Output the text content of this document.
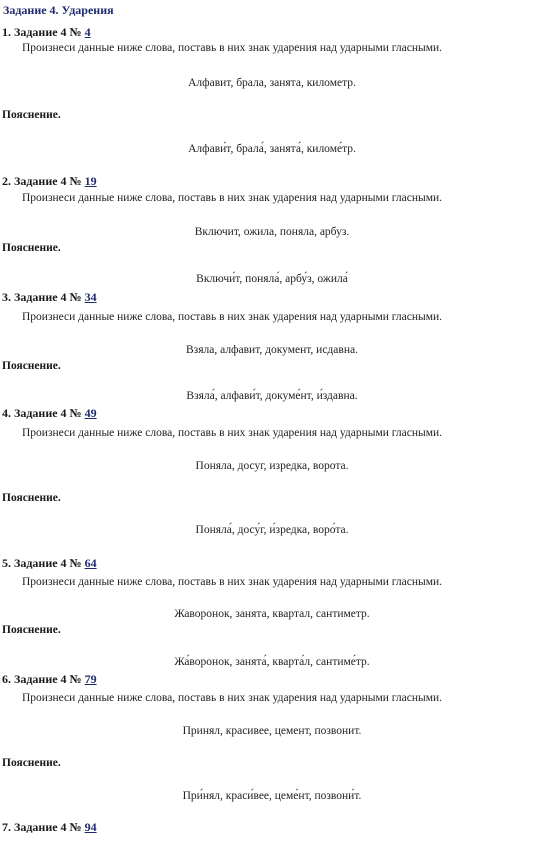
Задание 4. Ударения
1. Задание 4 № 4
Произнеси данные ниже слова, поставь в них знак ударения над ударными гласными.
Алфавит, брала, занята, километр.
Пояснение.
Алфави́т, брала́, занята́, киломе́тр.
2. Задание 4 № 19
Произнеси данные ниже слова, поставь в них знак ударения над ударными гласными.
Включит, ожила, поняла, арбуз.
Пояснение.
Включи́т, поняла́, арбу́з, ожила́
3. Задание 4 № 34
Произнеси данные ниже слова, поставь в них знак ударения над ударными гласными.
Взяла, алфавит, документ, исдавна.
Пояснение.
Взяла́, алфави́т, докуме́нт, и́здавна.
4. Задание 4 № 49
Произнеси данные ниже слова, поставь в них знак ударения над ударными гласными.
Поняла, досуг, изредка, ворота.
Пояснение.
Поняла́, досу́г, и́зредка, воро́та.
5. Задание 4 № 64
Произнеси данные ниже слова, поставь в них знак ударения над ударными гласными.
Жаворонок, занята, квартал, сантиметр.
Пояснение.
Жа́воронок, занята́, кварта́л, сантиме́тр.
6. Задание 4 № 79
Произнеси данные ниже слова, поставь в них знак ударения над ударными гласными.
Принял, красивее, цемент, позвонит.
Пояснение.
При́нял, краси́вее, цеме́нт, позвони́т.
7. Задание 4 № 94
